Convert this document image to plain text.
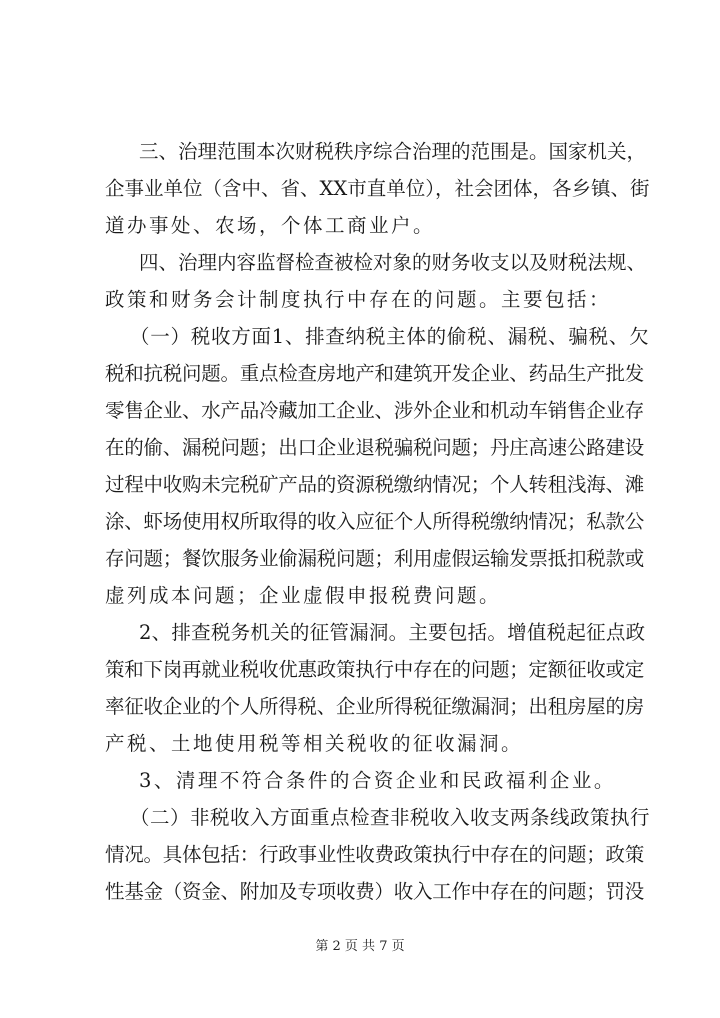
三、治理范围本次财税秩序综合治理的范围是。国家机关，
企事业单位（含中、省、XX市直单位），社会团体，各乡镇、街
道办事处、农场，个体工商业户。
四、治理内容监督检查被检对象的财务收支以及财税法规、
政策和财务会计制度执行中存在的问题。主要包括：
（一）税收方面1、排查纳税主体的偷税、漏税、骗税、欠
税和抗税问题。重点检查房地产和建筑开发企业、药品生产批发
零售企业、水产品冷藏加工企业、涉外企业和机动车销售企业存
在的偷、漏税问题；出口企业退税骗税问题；丹庄高速公路建设
过程中收购未完税矿产品的资源税缴纳情况；个人转租浅海、滩
涂、虾场使用权所取得的收入应征个人所得税缴纳情况；私款公
存问题；餐饮服务业偷漏税问题；利用虚假运输发票抵扣税款或
虚列成本问题；企业虚假申报税费问题。
2、排查税务机关的征管漏洞。主要包括。增值税起征点政
策和下岗再就业税收优惠政策执行中存在的问题；定额征收或定
率征收企业的个人所得税、企业所得税征缴漏洞；出租房屋的房
产税、土地使用税等相关税收的征收漏洞。
3、清理不符合条件的合资企业和民政福利企业。
（二）非税收入方面重点检查非税收入收支两条线政策执行
情况。具体包括：行政事业性收费政策执行中存在的问题；政策
性基金（资金、附加及专项收费）收入工作中存在的问题；罚没
第 2 页 共 7 页
